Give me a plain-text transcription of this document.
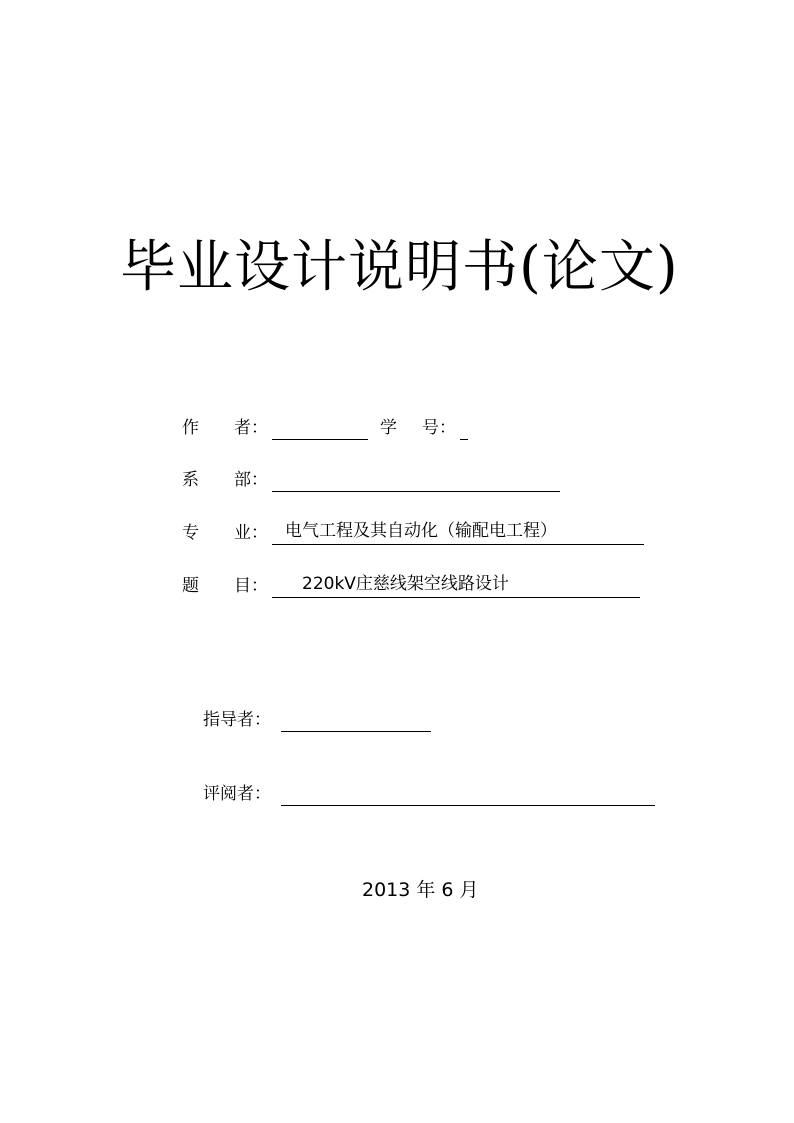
毕业设计说明书(论文)
作 者：	学 号：
系 部：
专 业： 电气工程及其自动化（输配电工程）
题 目： 220kV庄慈线架空线路设计
指导者：
评阅者：
2013 年 6 月
